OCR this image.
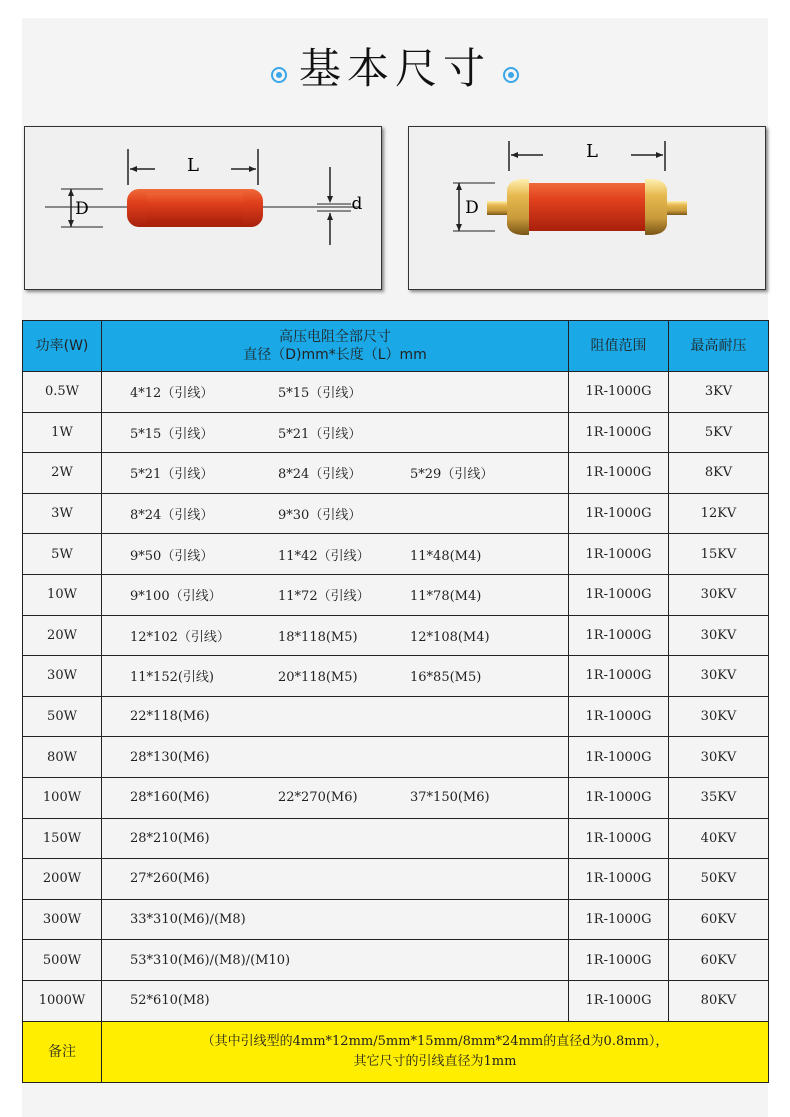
基本尺寸
L
D	d
L
D
功率(W)	高压电阻全部尺寸
直径（D)mm*长度（L）mm	阻值范围	最高耐压
0.5W	4*12（引线） 5*15（引线）	1R-1000G	3KV
1W	5*15（引线） 5*21（引线）	1R-1000G	5KV
2W	5*21（引线） 8*24（引线） 5*29（引线）	1R-1000G	8KV
3W	8*24（引线） 9*30（引线）	1R-1000G	12KV
5W	9*50（引线） 11*42（引线） 11*48(M4)	1R-1000G	15KV
10W	9*100（引线） 11*72（引线） 11*78(M4)	1R-1000G	30KV
20W	12*102（引线） 18*118(M5) 12*108(M4)	1R-1000G	30KV
30W	11*152(引线) 20*118(M5) 16*85(M5)	1R-1000G	30KV
50W	22*118(M6)	1R-1000G	30KV
80W	28*130(M6)	1R-1000G	30KV
100W	28*160(M6) 22*270(M6) 37*150(M6)	1R-1000G	35KV
150W	28*210(M6)	1R-1000G	40KV
200W	27*260(M6)	1R-1000G	50KV
300W	33*310(M6)/(M8)	1R-1000G	60KV
500W	53*310(M6)/(M8)/(M10)	1R-1000G	60KV
1000W	52*610(M8)	1R-1000G	80KV
备注	（其中引线型的4mm*12mm/5mm*15mm/8mm*24mm的直径d为0.8mm），
其它尺寸的引线直径为1mm		
